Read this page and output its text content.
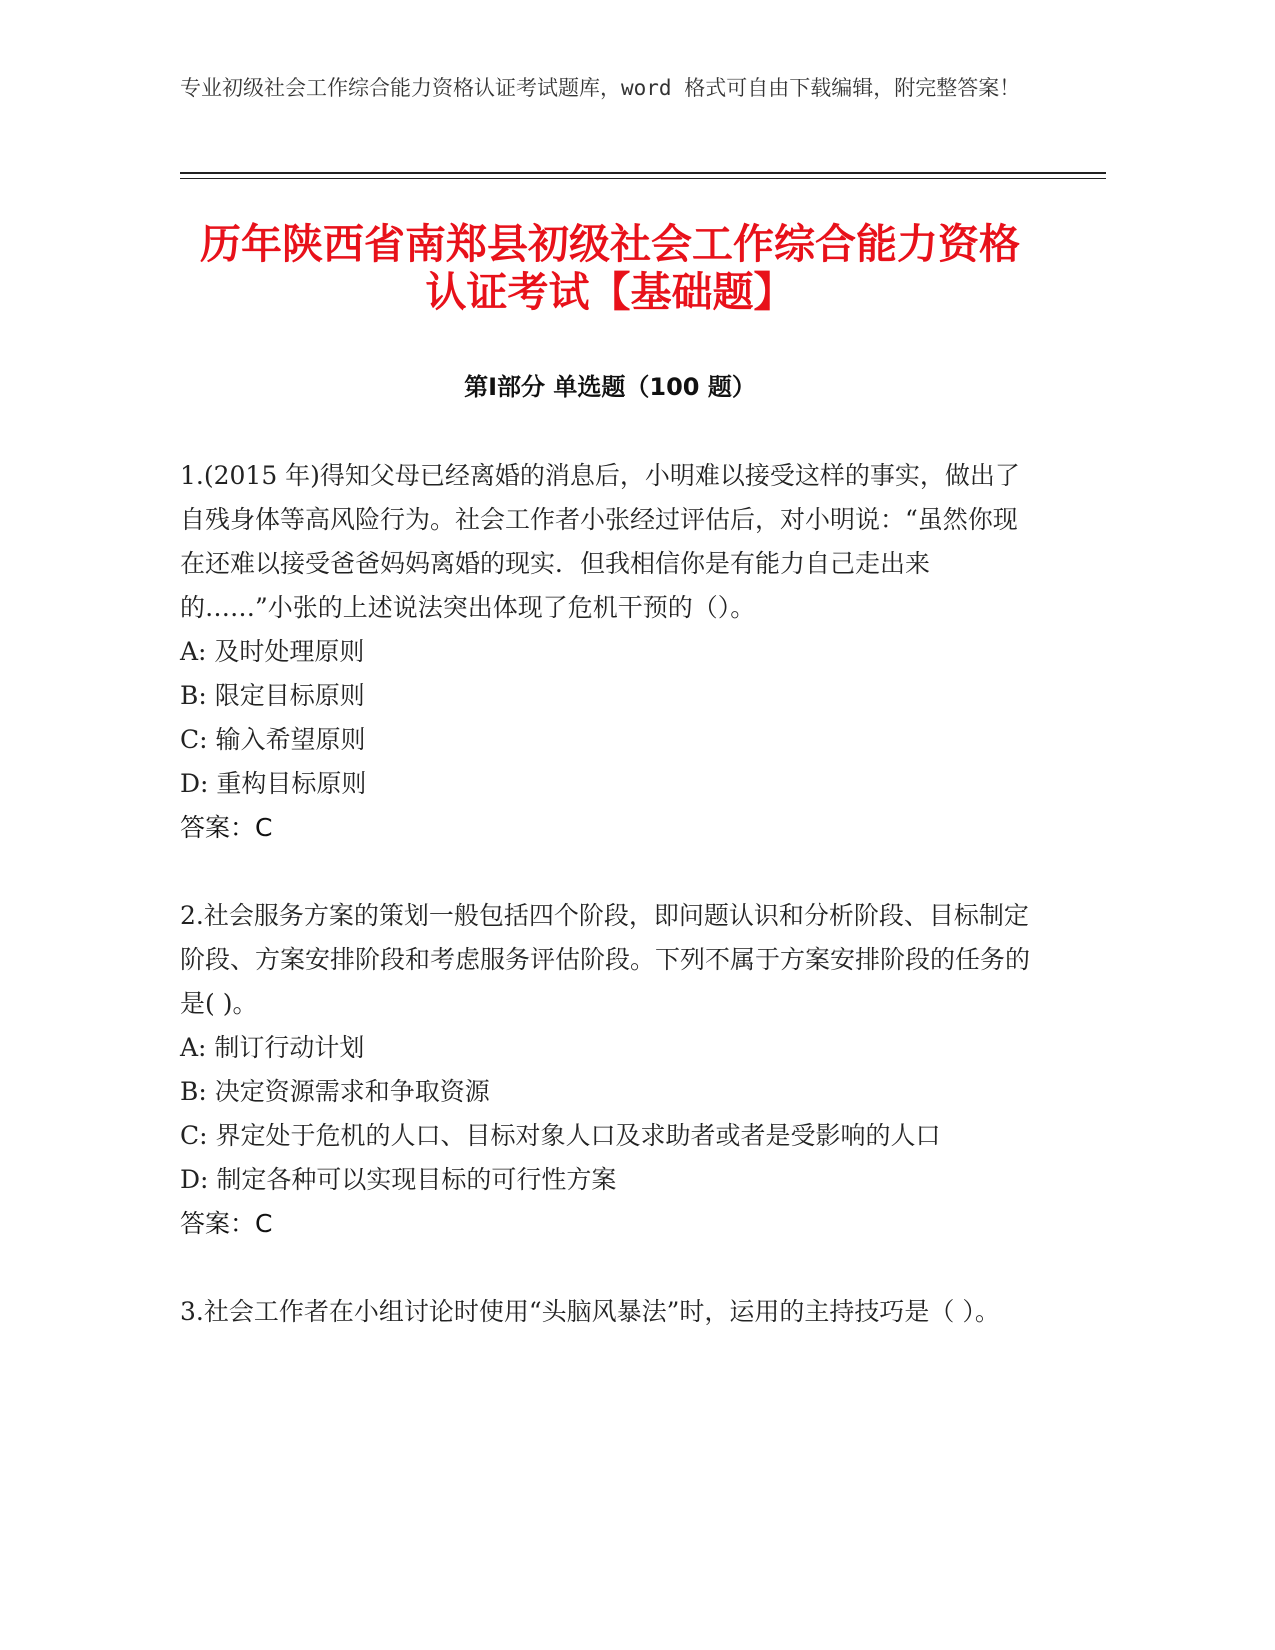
专业初级社会工作综合能力资格认证考试题库，word 格式可自由下载编辑，附完整答案！

历年陕西省南郑县初级社会工作综合能力资格认证考试【基础题】
第Ⅰ部分 单选题（100 题）

1.(2015 年)得知父母已经离婚的消息后，小明难以接受这样的事实，做出了自残身体等高风险行为。社会工作者小张经过评估后，对小明说：“虽然你现在还难以接受爸爸妈妈离婚的现实．但我相信你是有能力自己走出来的……”小张的上述说法突出体现了危机干预的（）。

A: 及时处理原则

B: 限定目标原则

C: 输入希望原则

D: 重构目标原则

答案：C

2.社会服务方案的策划一般包括四个阶段，即问题认识和分析阶段、目标制定阶段、方案安排阶段和考虑服务评估阶段。下列不属于方案安排阶段的任务的是( )。

A: 制订行动计划

B: 决定资源需求和争取资源

C: 界定处于危机的人口、目标对象人口及求助者或者是受影响的人口

D: 制定各种可以实现目标的可行性方案

答案：C

3.社会工作者在小组讨论时使用“头脑风暴法”时，运用的主持技巧是（ ）。
